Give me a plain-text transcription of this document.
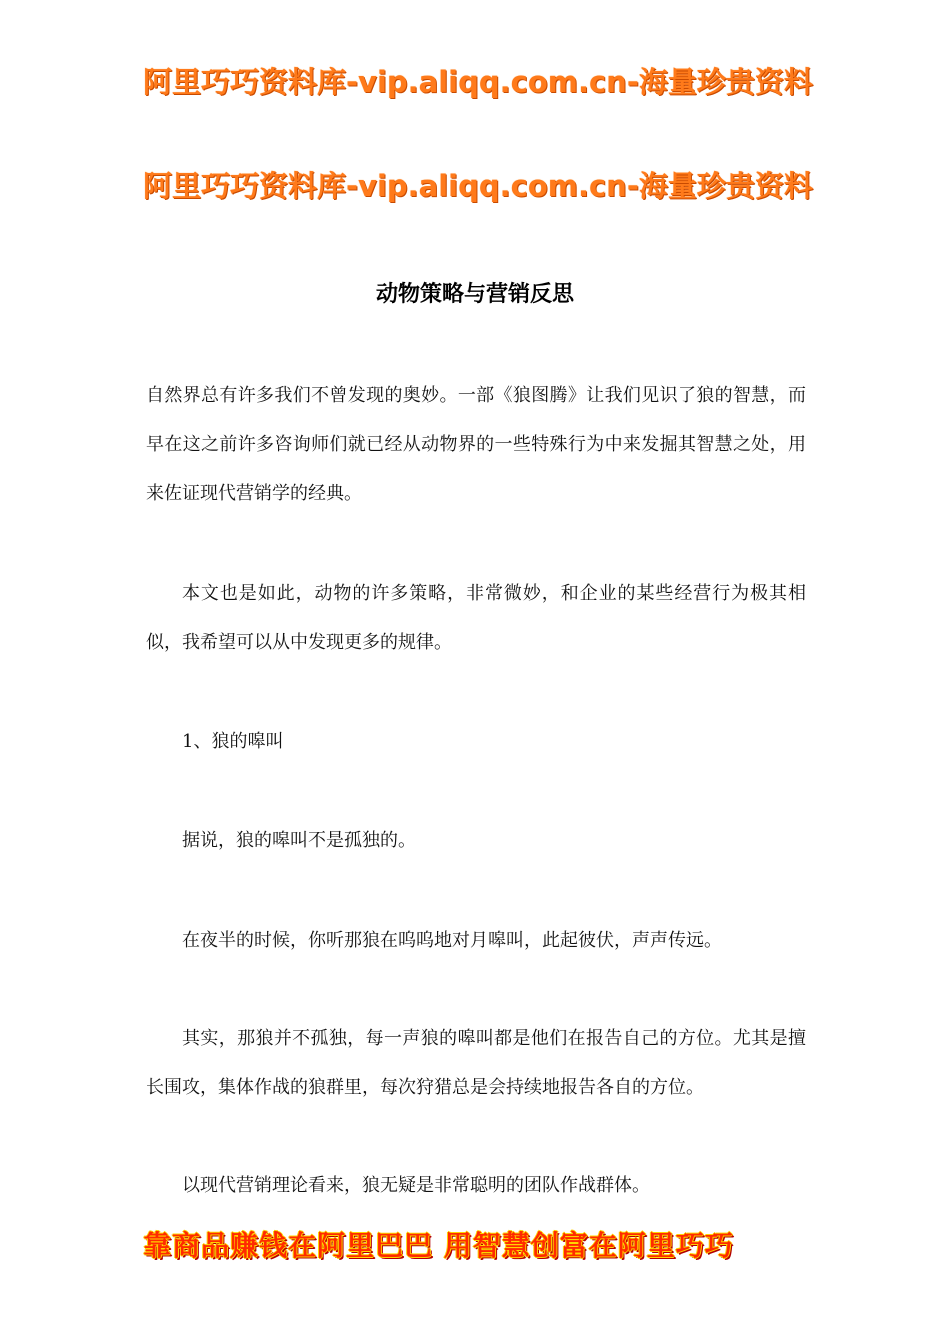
阿里巧巧资料库-vip.aliqq.com.cn-海量珍贵资料
阿里巧巧资料库-vip.aliqq.com.cn-海量珍贵资料
动物策略与营销反思

自然界总有许多我们不曾发现的奥妙。一部《狼图腾》让我们见识了狼的智慧，而早在这之前许多咨询师们就已经从动物界的一些特殊行为中来发掘其智慧之处，用来佐证现代营销学的经典。

本文也是如此，动物的许多策略，非常微妙，和企业的某些经营行为极其相似，我希望可以从中发现更多的规律。

1、狼的嗥叫

据说，狼的嗥叫不是孤独的。

在夜半的时候，你听那狼在呜呜地对月嗥叫，此起彼伏，声声传远。

其实，那狼并不孤独，每一声狼的嗥叫都是他们在报告自己的方位。尤其是擅长围攻，集体作战的狼群里，每次狩猎总是会持续地报告各自的方位。

以现代营销理论看来，狼无疑是非常聪明的团队作战群体。

靠商品赚钱在阿里巴巴 用智慧创富在阿里巧巧
